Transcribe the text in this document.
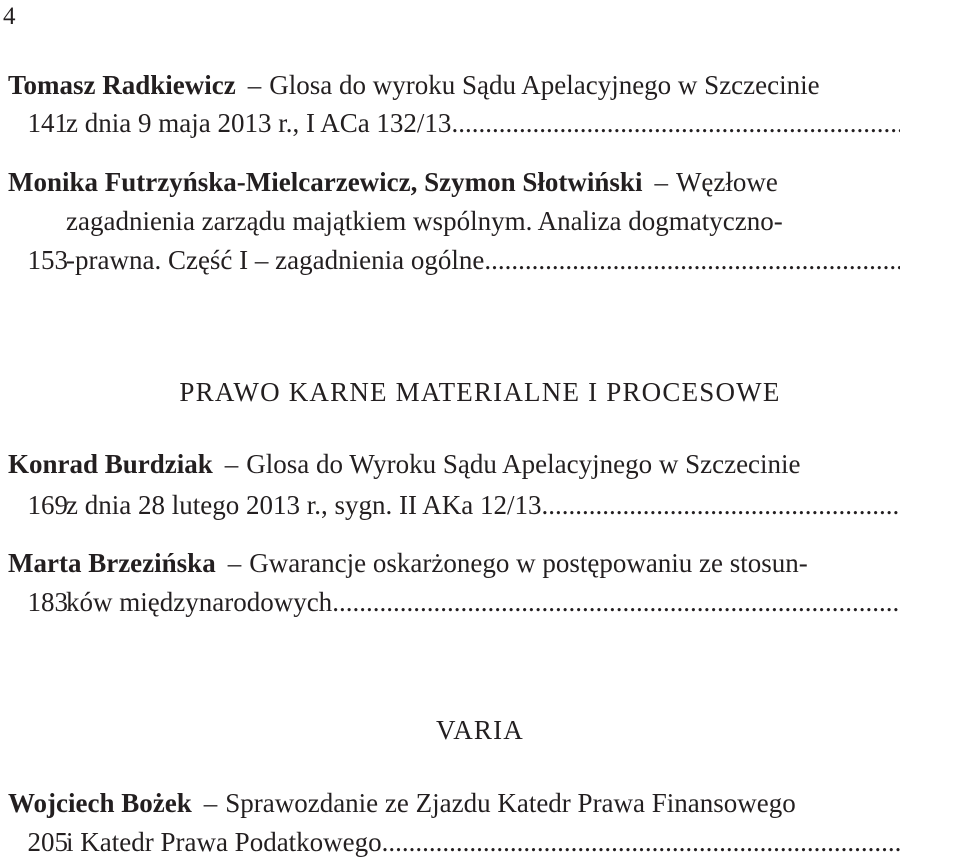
4
Tomasz Radkiewicz – Glosa do wyroku Sądu Apelacyjnego w Szczecinie
z dnia 9 maja 2013 r., I ACa 132/13
.....
141
Monika Futrzyńska-Mielcarzewicz, Szymon Słotwiński – Węzłowe
zagadnienia zarządu majątkiem wspólnym. Analiza dogmatyczno-
-prawna. Część I – zagadnienia ogólne
.....
153
PRAWO KARNE MATERIALNE I PROCESOWE
Konrad Burdziak – Glosa do Wyroku Sądu Apelacyjnego w Szczecinie
z dnia 28 lutego 2013 r., sygn. II AKa 12/13
.....
169
Marta Brzezińska – Gwarancje oskarżonego w postępowaniu ze stosun-
ków międzynarodowych
.....
183
VARIA
Wojciech Bożek – Sprawozdanie ze Zjazdu Katedr Prawa Finansowego
i Katedr Prawa Podatkowego
.....
205
